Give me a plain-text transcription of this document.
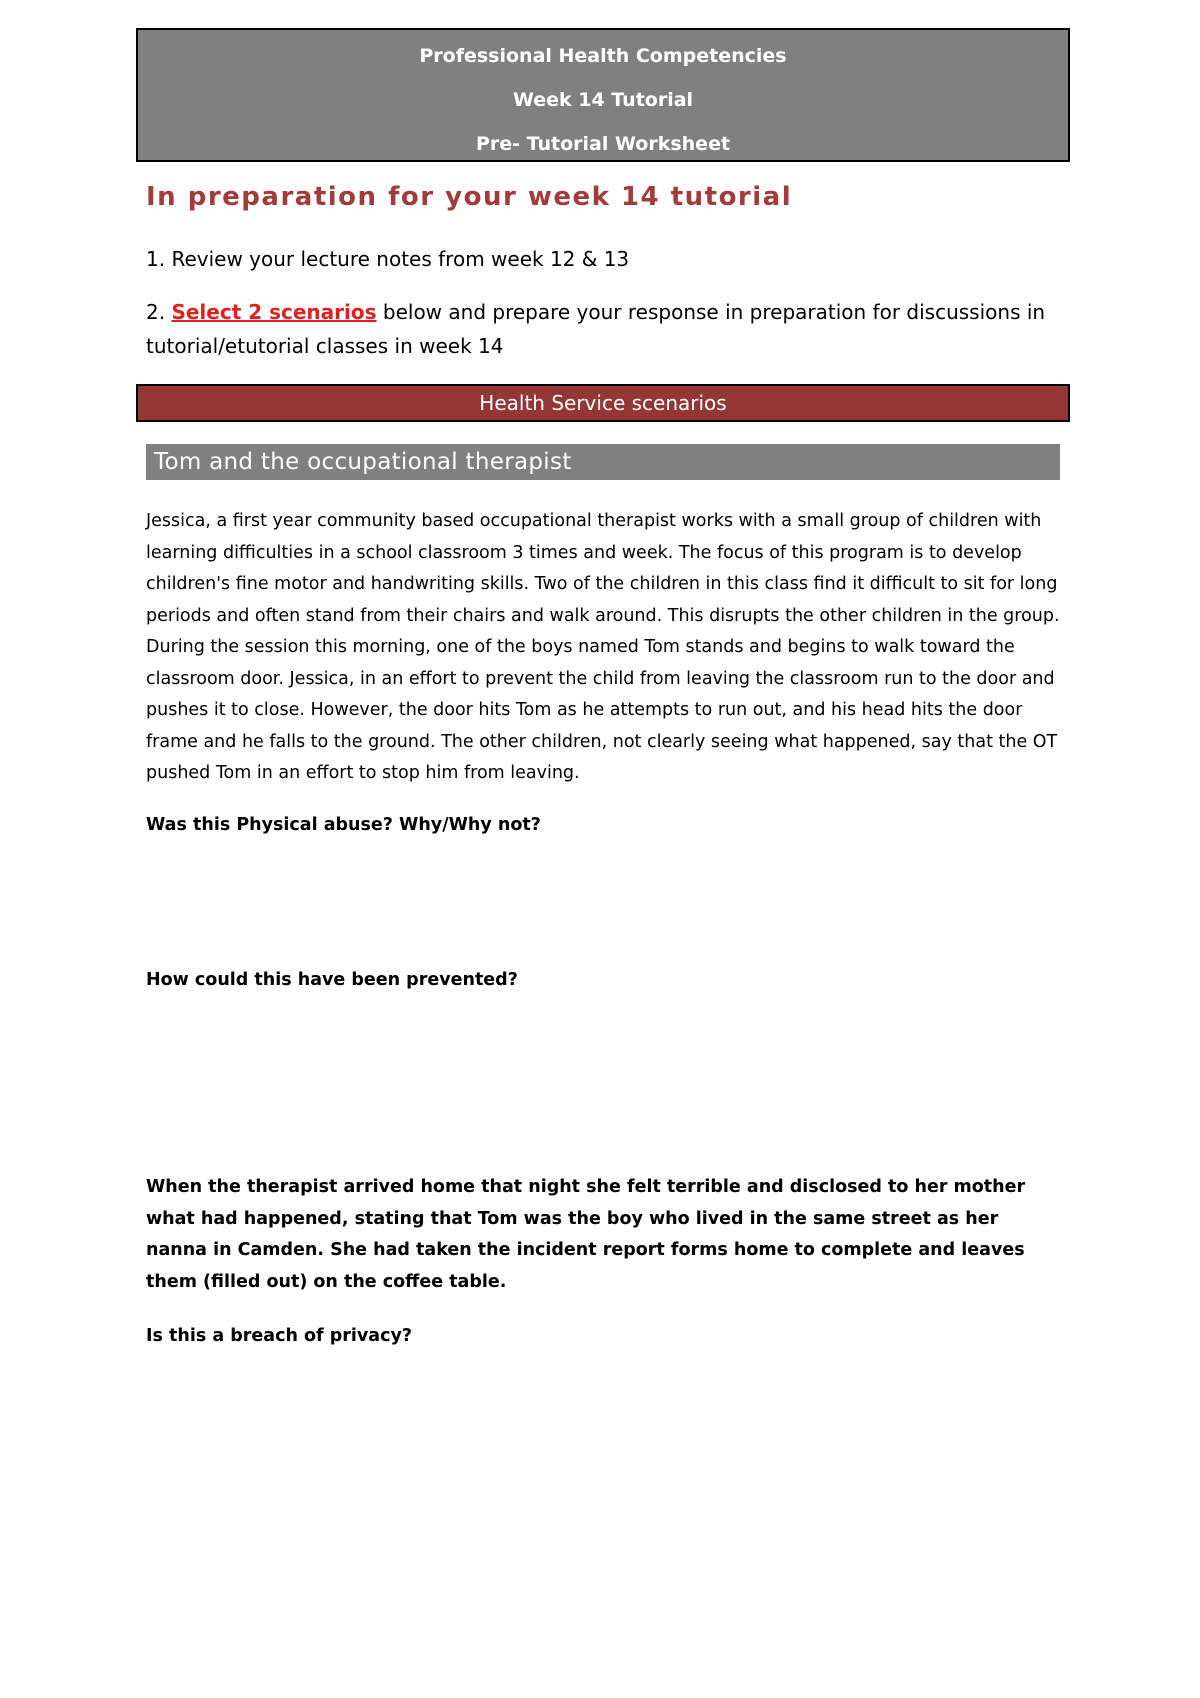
Professional Health Competencies
Week 14 Tutorial
Pre- Tutorial Worksheet
In preparation for your week 14 tutorial
1. Review your lecture notes from week 12 & 13
2. Select 2 scenarios below and prepare your response in preparation for discussions in tutorial/etutorial classes in week 14
Health Service scenarios
Tom and the occupational therapist

Jessica, a first year community based occupational therapist works with a small group of children with learning difficulties in a school classroom 3 times and week. The focus of this program is to develop children's fine motor and handwriting skills. Two of the children in this class find it difficult to sit for long periods and often stand from their chairs and walk around. This disrupts the other children in the group. During the session this morning, one of the boys named Tom stands and begins to walk toward the classroom door. Jessica, in an effort to prevent the child from leaving the classroom run to the door and pushes it to close. However, the door hits Tom as he attempts to run out, and his head hits the door frame and he falls to the ground. The other children, not clearly seeing what happened, say that the OT pushed Tom in an effort to stop him from leaving.

Was this Physical abuse? Why/Why not?
How could this have been prevented?
When the therapist arrived home that night she felt terrible and disclosed to her mother what had happened, stating that Tom was the boy who lived in the same street as her nanna in Camden. She had taken the incident report forms home to complete and leaves them (filled out) on the coffee table.
Is this a breach of privacy?
